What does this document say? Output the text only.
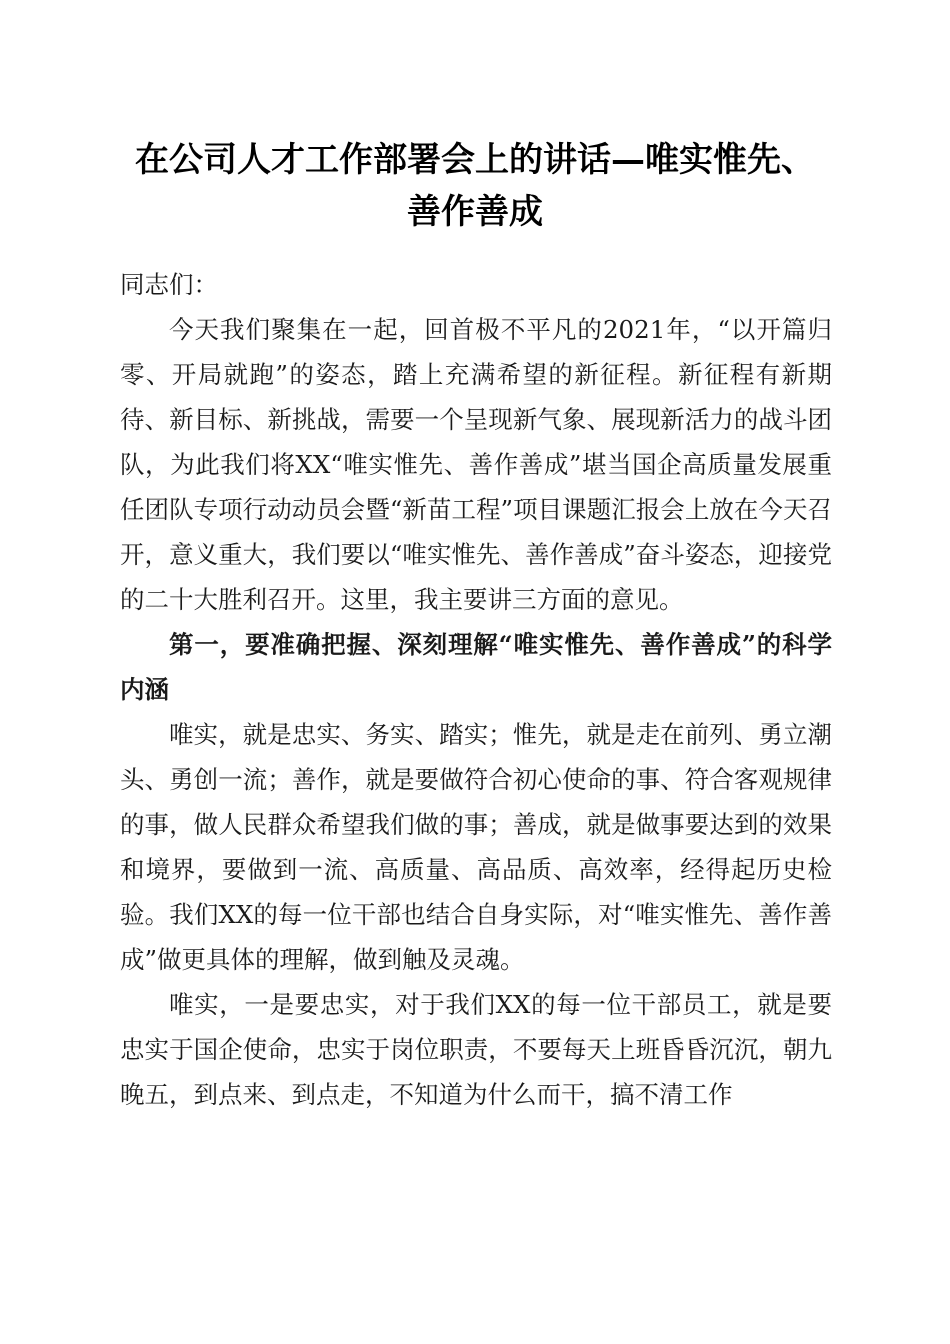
在公司人才工作部署会上的讲话—唯实惟先、
善作善成

同志们：

今天我们聚集在一起，回首极不平凡的2021年，“以开篇归零、开局就跑”的姿态，踏上充满希望的新征程。新征程有新期待、新目标、新挑战，需要一个呈现新气象、展现新活力的战斗团队，为此我们将XX“唯实惟先、善作善成”堪当国企高质量发展重任团队专项行动动员会暨“新苗工程”项目课题汇报会上放在今天召开，意义重大，我们要以“唯实惟先、善作善成”奋斗姿态，迎接党的二十大胜利召开。这里，我主要讲三方面的意见。

第一，要准确把握、深刻理解“唯实惟先、善作善成”的科学内涵

唯实，就是忠实、务实、踏实；惟先，就是走在前列、勇立潮头、勇创一流；善作，就是要做符合初心使命的事、符合客观规律的事，做人民群众希望我们做的事；善成，就是做事要达到的效果和境界，要做到一流、高质量、高品质、高效率，经得起历史检验。我们XX的每一位干部也结合自身实际，对“唯实惟先、善作善成”做更具体的理解，做到触及灵魂。

唯实，一是要忠实，对于我们XX的每一位干部员工，就是要忠实于国企使命，忠实于岗位职责，不要每天上班昏昏沉沉，朝九晚五，到点来、到点走，不知道为什么而干，搞不清工作
